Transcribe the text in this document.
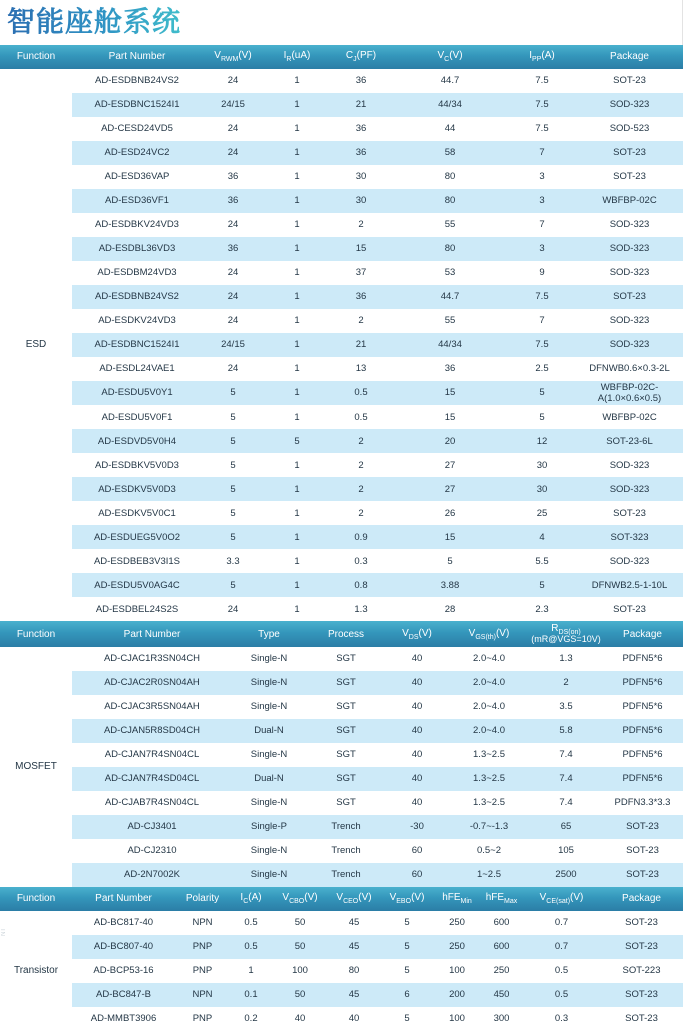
智能座舱系统
Function	Part Number	$V_{RWM}(V)$	$I_R(uA)$	$C_J(PF)$	$V_C(V)$	$I_{PP}(A)$	Package
ESD	AD-ESDBNB24VS2	24	1	36	44.7	7.5	SOT-23
	AD-ESDBNC1524I1	24/15	1	21	44/34	7.5	SOD-323
	AD-CESD24VD5	24	1	36	44	7.5	SOD-523
	AD-ESD24VC2	24	1	36	58	7	SOT-23
	AD-ESD36VAP	36	1	30	80	3	SOT-23
	AD-ESD36VF1	36	1	30	80	3	WBFBP-02C
	AD-ESDBKV24VD3	24	1	2	55	7	SOD-323
	AD-ESDBL36VD3	36	1	15	80	3	SOD-323
	AD-ESDBM24VD3	24	1	37	53	9	SOD-323
	AD-ESDBNB24VS2	24	1	36	44.7	7.5	SOT-23
	AD-ESDKV24VD3	24	1	2	55	7	SOD-323
	AD-ESDBNC1524I1	24/15	1	21	44/34	7.5	SOD-323
	AD-ESDL24VAE1	24	1	13	36	2.5	DFNWB0.6×0.3-2L
	AD-ESDU5V0Y1	5	1	0.5	15	5	WBFBP-02C-
A(1.0×0.6×0.5)
	AD-ESDU5V0F1	5	1	0.5	15	5	WBFBP-02C
	AD-ESDVD5V0H4	5	5	2	20	12	SOT-23-6L
	AD-ESDBKV5V0D3	5	1	2	27	30	SOD-323
	AD-ESDKV5V0D3	5	1	2	27	30	SOD-323
	AD-ESDKV5V0C1	5	1	2	26	25	SOT-23
	AD-ESDUEG5V0O2	5	1	0.9	15	4	SOT-323
	AD-ESDBEB3V3I1S	3.3	1	0.3	5	5.5	SOD-323
	AD-ESDU5V0AG4C	5	1	0.8	3.88	5	DFNWB2.5-1-10L
	AD-ESDBEL24S2S	24	1	1.3	28	2.3	SOT-23
Function	Part Number	Type	Process	$V_{DS}(V)$	$V_{GS(th)}(V)$	$R_{DS(on)}$
(mR@VGS=10V)	Package
MOSFET	AD-CJAC1R3SN04CH	Single-N	SGT	40	2.0~4.0	1.3	PDFN5*6
	AD-CJAC2R0SN04AH	Single-N	SGT	40	2.0~4.0	2	PDFN5*6
	AD-CJAC3R5SN04AH	Single-N	SGT	40	2.0~4.0	3.5	PDFN5*6
	AD-CJAN5R8SD04CH	Dual-N	SGT	40	2.0~4.0	5.8	PDFN5*6
	AD-CJAN7R4SN04CL	Single-N	SGT	40	1.3~2.5	7.4	PDFN5*6
	AD-CJAN7R4SD04CL	Dual-N	SGT	40	1.3~2.5	7.4	PDFN5*6
	AD-CJAB7R4SN04CL	Single-N	SGT	40	1.3~2.5	7.4	PDFN3.3*3.3
	AD-CJ3401	Single-P	Trench	-30	-0.7~-1.3	65	SOT-23
	AD-CJ2310	Single-N	Trench	60	0.5~2	105	SOT-23
	AD-2N7002K	Single-N	Trench	60	1~2.5	2500	SOT-23
Function	Part Number	Polarity	$I_C(A)$	$V_{CBO}(V)$	$V_{CEO}(V)$	$V_{EBO}(V)$	hFE$_{Min}$	hFE$_{Max}$	$V_{CE(sat)}(V)$	Package
Transistor	AD-BC817-40	NPN	0.5	50	45	5	250	600	0.7	SOT-23
	AD-BC807-40	PNP	0.5	50	45	5	250	600	0.7	SOT-23
	AD-BCP53-16	PNP	1	100	80	5	100	250	0.5	SOT-223
	AD-BC847-B	NPN	0.1	50	45	6	200	450	0.5	SOT-23
	AD-MMBT3906	PNP	0.2	40	40	5	100	300	0.3	SOT-23
NT
